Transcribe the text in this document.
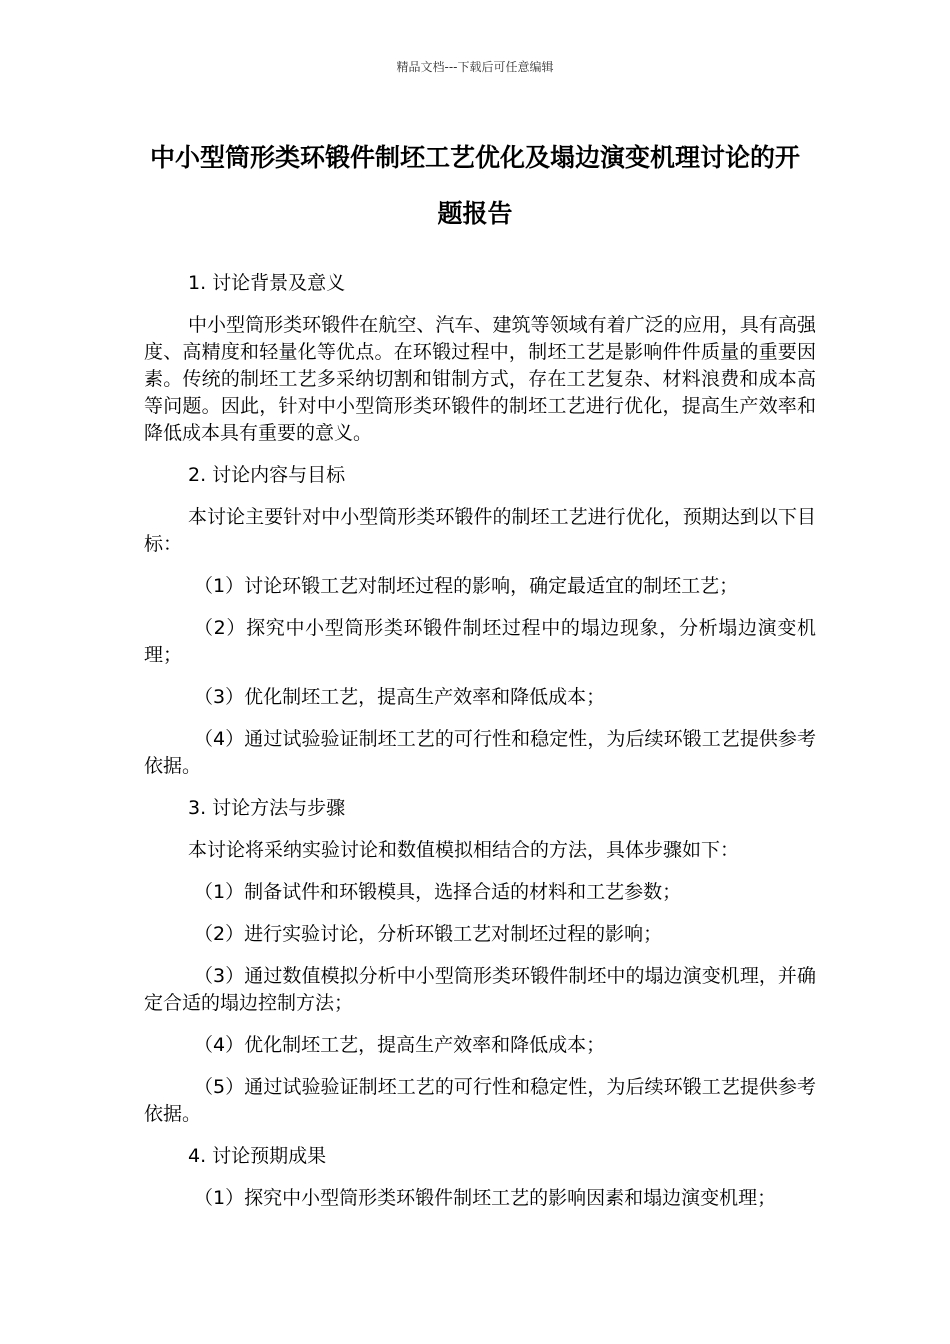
精品文档---下载后可任意编辑
中小型筒形类环锻件制坯工艺优化及塌边演变机理讨论的开题报告

1. 讨论背景及意义

中小型筒形类环锻件在航空、汽车、建筑等领域有着广泛的应用，具有高强度、高精度和轻量化等优点。在环锻过程中，制坯工艺是影响件件质量的重要因素。传统的制坯工艺多采纳切割和钳制方式，存在工艺复杂、材料浪费和成本高等问题。因此，针对中小型筒形类环锻件的制坯工艺进行优化，提高生产效率和降低成本具有重要的意义。

2. 讨论内容与目标

本讨论主要针对中小型筒形类环锻件的制坯工艺进行优化，预期达到以下目标：

（1）讨论环锻工艺对制坯过程的影响，确定最适宜的制坯工艺；

（2）探究中小型筒形类环锻件制坯过程中的塌边现象，分析塌边演变机理；

（3）优化制坯工艺，提高生产效率和降低成本；

（4）通过试验验证制坯工艺的可行性和稳定性，为后续环锻工艺提供参考依据。

3. 讨论方法与步骤

本讨论将采纳实验讨论和数值模拟相结合的方法，具体步骤如下：

（1）制备试件和环锻模具，选择合适的材料和工艺参数；

（2）进行实验讨论，分析环锻工艺对制坯过程的影响；

（3）通过数值模拟分析中小型筒形类环锻件制坯中的塌边演变机理，并确定合适的塌边控制方法；

（4）优化制坯工艺，提高生产效率和降低成本；

（5）通过试验验证制坯工艺的可行性和稳定性，为后续环锻工艺提供参考依据。

4. 讨论预期成果

（1）探究中小型筒形类环锻件制坯工艺的影响因素和塌边演变机理；
